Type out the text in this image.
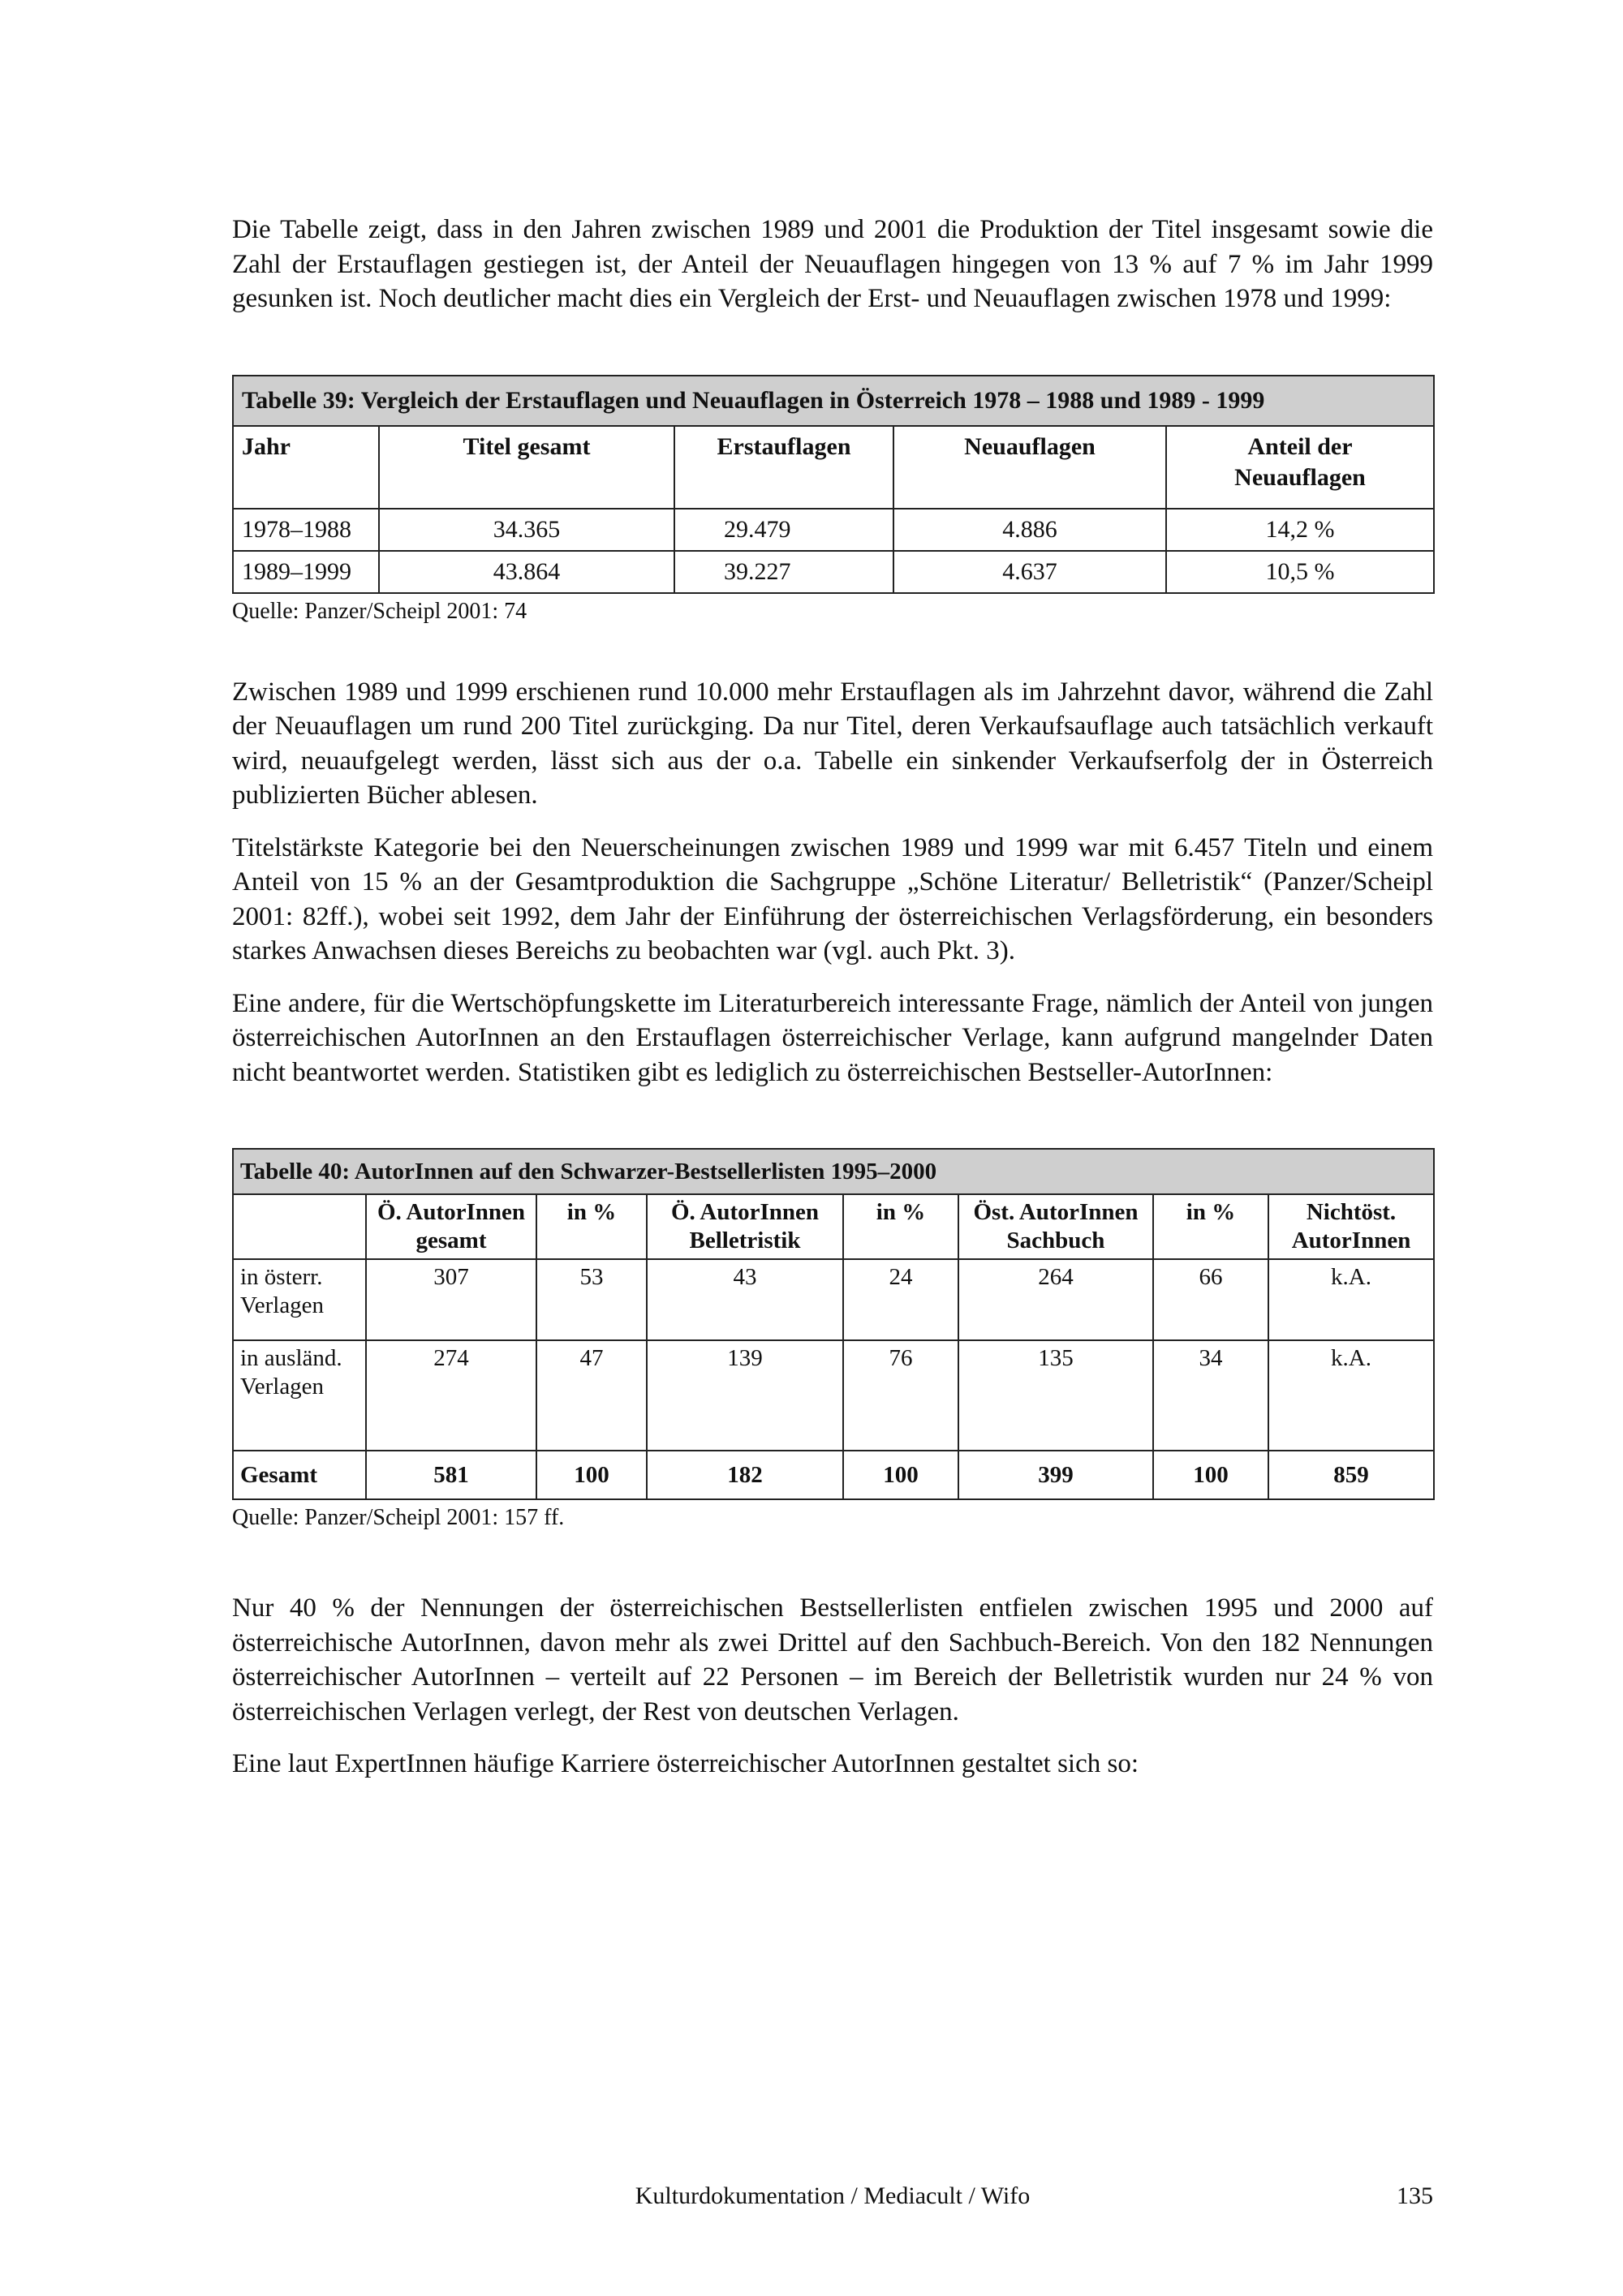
Die Tabelle zeigt, dass in den Jahren zwischen 1989 und 2001 die Produktion der Titel insgesamt sowie die Zahl der Erstauflagen gestiegen ist, der Anteil der Neuauflagen hingegen von 13 % auf 7 % im Jahr 1999 gesunken ist. Noch deutlicher macht dies ein Vergleich der Erst- und Neuauflagen zwischen 1978 und 1999:

Tabelle 39: Vergleich der Erstauflagen und Neuauflagen in Österreich 1978 – 1988 und 1989 - 1999				
Jahr	Titel gesamt	Erstauflagen	Neuauflagen	Anteil der Neuauflagen
1978–1988	34.365	29.479	4.886	14,2 %
1989–1999	43.864	39.227	4.637	10,5 %

Quelle: Panzer/Scheipl 2001: 74

Zwischen 1989 und 1999 erschienen rund 10.000 mehr Erstauflagen als im Jahrzehnt davor, während die Zahl der Neuauflagen um rund 200 Titel zurückging. Da nur Titel, deren Verkaufsauflage auch tatsächlich verkauft wird, neuaufgelegt werden, lässt sich aus der o.a. Tabelle ein sinkender Verkaufserfolg der in Österreich publizierten Bücher ablesen.

Titelstärkste Kategorie bei den Neuerscheinungen zwischen 1989 und 1999 war mit 6.457 Titeln und einem Anteil von 15 % an der Gesamtproduktion die Sachgruppe „Schöne Literatur/ Belletristik“ (Panzer/Scheipl 2001: 82ff.), wobei seit 1992, dem Jahr der Einführung der österreichischen Verlagsförderung, ein besonders starkes Anwachsen dieses Bereichs zu beobachten war (vgl. auch Pkt. 3).

Eine andere, für die Wertschöpfungskette im Literaturbereich interessante Frage, nämlich der Anteil von jungen österreichischen AutorInnen an den Erstauflagen österreichischer Verlage, kann aufgrund mangelnder Daten nicht beantwortet werden. Statistiken gibt es lediglich zu österreichischen Bestseller-AutorInnen:

Tabelle 40: AutorInnen auf den Schwarzer-Bestsellerlisten 1995–2000							
	Ö. AutorInnen gesamt	in %	Ö. AutorInnen Belletristik	in %	Öst. AutorInnen Sachbuch	in %	Nichtöst. AutorInnen
in österr. Verlagen	307	53	43	24	264	66	k.A.
in ausländ. Verlagen	274	47	139	76	135	34	k.A.
Gesamt	581	100	182	100	399	100	859

Quelle: Panzer/Scheipl 2001: 157 ff.

Nur 40 % der Nennungen der österreichischen Bestsellerlisten entfielen zwischen 1995 und 2000 auf österreichische AutorInnen, davon mehr als zwei Drittel auf den Sachbuch-Bereich. Von den 182 Nennungen österreichischer AutorInnen – verteilt auf 22 Personen – im Bereich der Belletristik wurden nur 24 % von österreichischen Verlagen verlegt, der Rest von deutschen Verlagen.

Eine laut ExpertInnen häufige Karriere österreichischer AutorInnen gestaltet sich so:

Kulturdokumentation / Mediacult / Wifo	135
